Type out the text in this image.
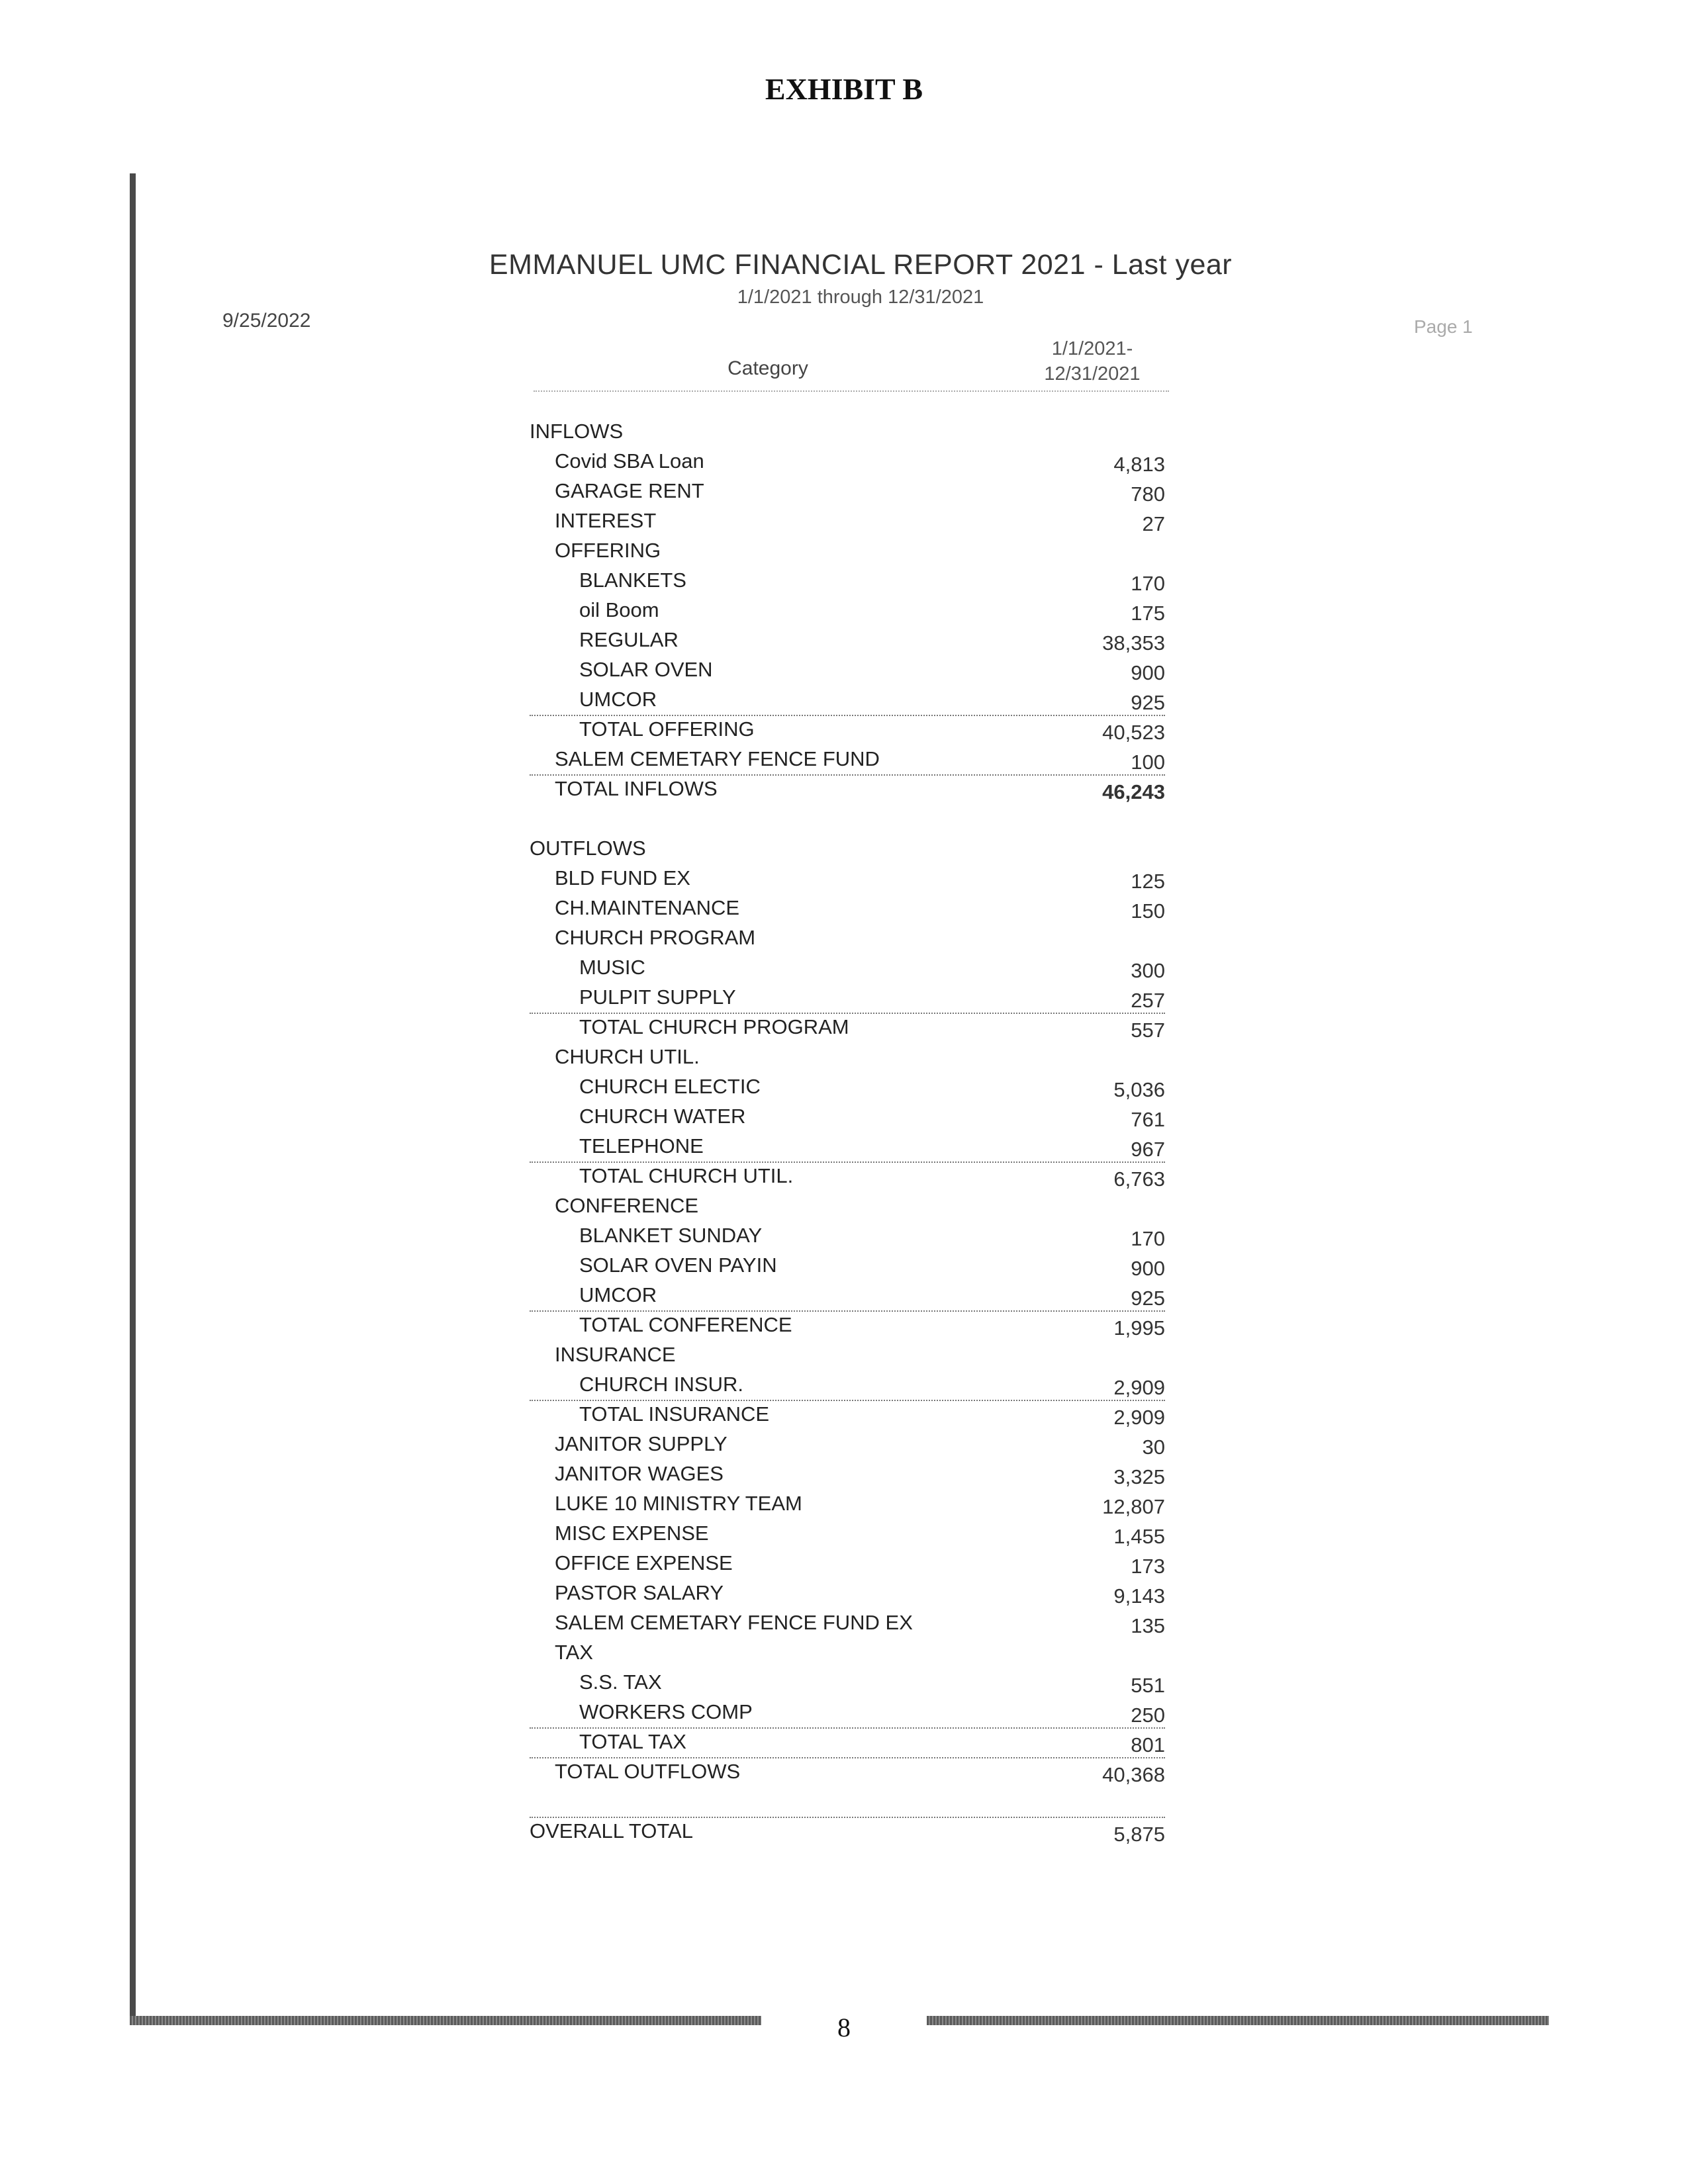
EXHIBIT B
EMMANUEL UMC FINANCIAL REPORT 2021 - Last year
1/1/2021 through 12/31/2021
9/25/2022	Page 1
Category
1/1/2021-
12/31/2021
INFLOWS
Covid SBA Loan	4,813
GARAGE RENT	780
INTEREST	27
OFFERING
BLANKETS	170
oil Boom	175
REGULAR	38,353
SOLAR OVEN	900
UMCOR	925
TOTAL OFFERING	40,523
SALEM CEMETARY FENCE FUND	100
TOTAL INFLOWS	46,243
OUTFLOWS
BLD FUND EX	125
CH.MAINTENANCE	150
CHURCH PROGRAM
MUSIC	300
PULPIT SUPPLY	257
TOTAL CHURCH PROGRAM	557
CHURCH UTIL.
CHURCH ELECTIC	5,036
CHURCH WATER	761
TELEPHONE	967
TOTAL CHURCH UTIL.	6,763
CONFERENCE
BLANKET SUNDAY	170
SOLAR OVEN PAYIN	900
UMCOR	925
TOTAL CONFERENCE	1,995
INSURANCE
CHURCH INSUR.	2,909
TOTAL INSURANCE	2,909
JANITOR SUPPLY	30
JANITOR WAGES	3,325
LUKE 10 MINISTRY TEAM	12,807
MISC EXPENSE	1,455
OFFICE EXPENSE	173
PASTOR SALARY	9,143
SALEM CEMETARY FENCE FUND EX	135
TAX
S.S. TAX	551
WORKERS COMP	250
TOTAL TAX	801
TOTAL OUTFLOWS	40,368
OVERALL TOTAL	5,875
8
